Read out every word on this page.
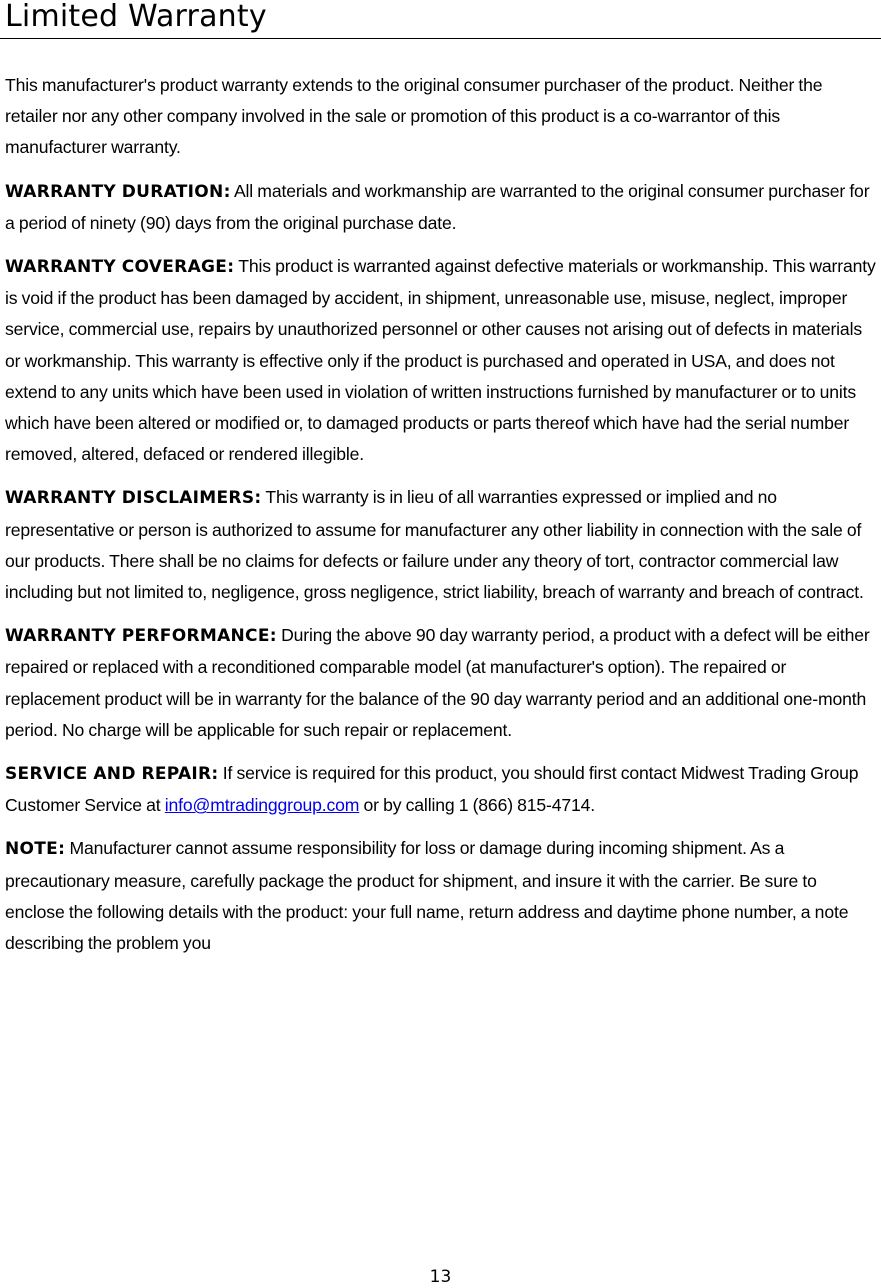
Limited Warranty

This manufacturer's product warranty extends to the original consumer purchaser of the product. Neither the retailer nor any other company involved in the sale or promotion of this product is a co-warrantor of this manufacturer warranty.

WARRANTY DURATION: All materials and workmanship are warranted to the original consumer purchaser for a period of ninety (90) days from the original purchase date.

WARRANTY COVERAGE: This product is warranted against defective materials or workmanship. This warranty is void if the product has been damaged by accident, in shipment, unreasonable use, misuse, neglect, improper service, commercial use, repairs by unauthorized personnel or other causes not arising out of defects in materials or workmanship. This warranty is effective only if the product is purchased and operated in USA, and does not extend to any units which have been used in violation of written instructions furnished by manufacturer or to units which have been altered or modified or, to damaged products or parts thereof which have had the serial number removed, altered, defaced or rendered illegible.

WARRANTY DISCLAIMERS: This warranty is in lieu of all warranties expressed or implied and no representative or person is authorized to assume for manufacturer any other liability in connection with the sale of our products. There shall be no claims for defects or failure under any theory of tort, contractor commercial law including but not limited to, negligence, gross negligence, strict liability, breach of warranty and breach of contract.

WARRANTY PERFORMANCE: During the above 90 day warranty period, a product with a defect will be either repaired or replaced with a reconditioned comparable model (at manufacturer's option). The repaired or replacement product will be in warranty for the balance of the 90 day warranty period and an additional one-month period. No charge will be applicable for such repair or replacement.

SERVICE AND REPAIR: If service is required for this product, you should first contact Midwest Trading Group Customer Service at info@mtradinggroup.com or by calling 1 (866) 815-4714.

NOTE: Manufacturer cannot assume responsibility for loss or damage during incoming shipment. As a precautionary measure, carefully package the product for shipment, and insure it with the carrier. Be sure to enclose the following details with the product: your full name, return address and daytime phone number, a note describing the problem you

13
